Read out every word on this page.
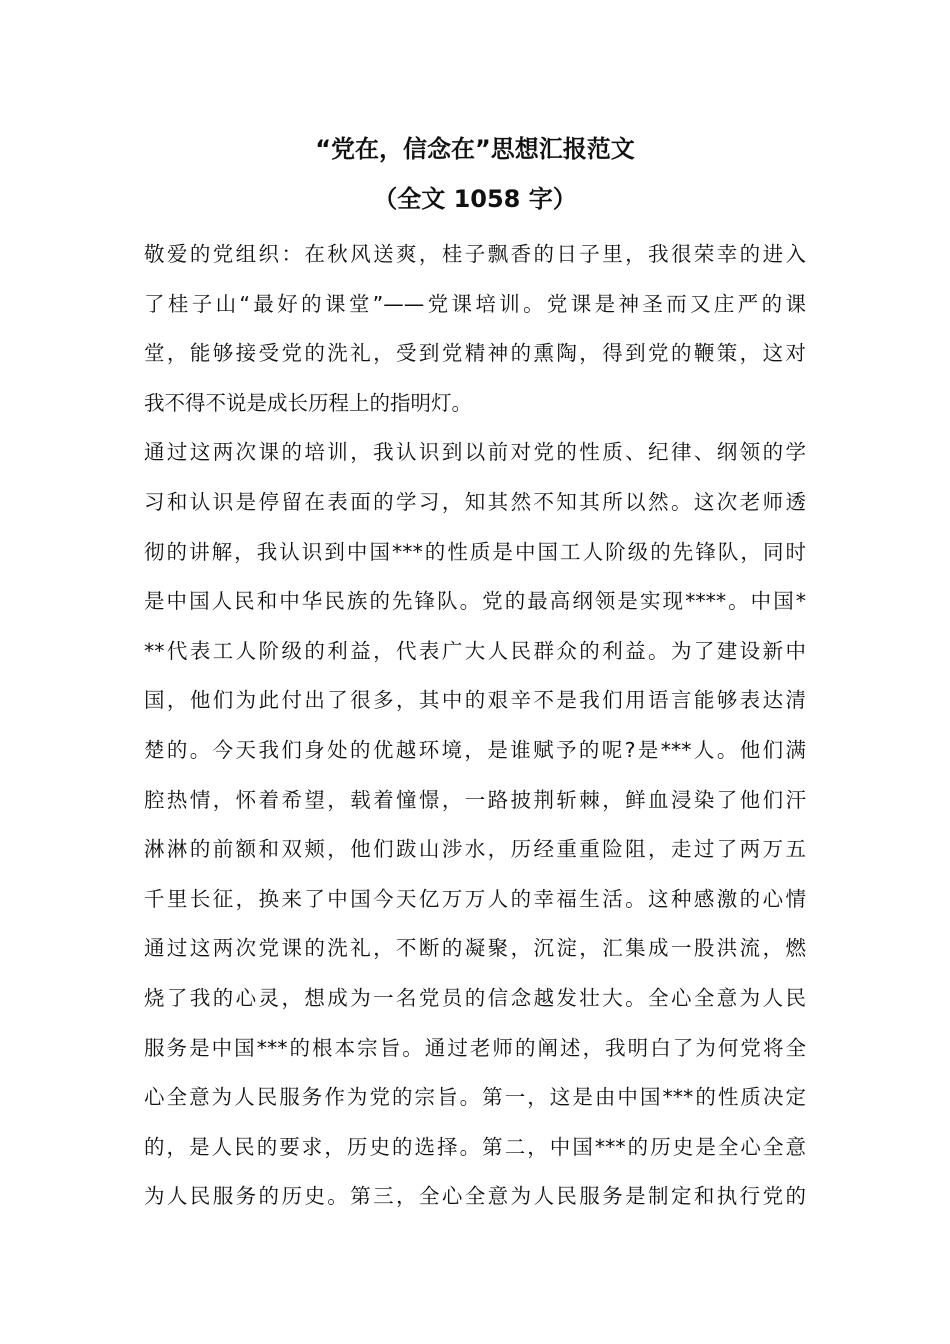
“党在，信念在”思想汇报范文
（全文 1058 字）
敬爱的党组织：在秋风送爽，桂子飘香的日子里，我很荣幸的进入
了桂子山“最好的课堂”——党课培训。党课是神圣而又庄严的课
堂，能够接受党的洗礼，受到党精神的熏陶，得到党的鞭策，这对
我不得不说是成长历程上的指明灯。
通过这两次课的培训，我认识到以前对党的性质、纪律、纲领的学
习和认识是停留在表面的学习，知其然不知其所以然。这次老师透
彻的讲解，我认识到中国***的性质是中国工人阶级的先锋队，同时
是中国人民和中华民族的先锋队。党的最高纲领是实现****。中国*
**代表工人阶级的利益，代表广大人民群众的利益。为了建设新中
国，他们为此付出了很多，其中的艰辛不是我们用语言能够表达清
楚的。今天我们身处的优越环境，是谁赋予的呢?是***人。他们满
腔热情，怀着希望，载着憧憬，一路披荆斩棘，鲜血浸染了他们汗
淋淋的前额和双颊，他们跋山涉水，历经重重险阻，走过了两万五
千里长征，换来了中国今天亿万万人的幸福生活。这种感激的心情
通过这两次党课的洗礼，不断的凝聚，沉淀，汇集成一股洪流，燃
烧了我的心灵，想成为一名党员的信念越发壮大。全心全意为人民
服务是中国***的根本宗旨。通过老师的阐述，我明白了为何党将全
心全意为人民服务作为党的宗旨。第一，这是由中国***的性质决定
的，是人民的要求，历史的选择。第二，中国***的历史是全心全意
为人民服务的历史。第三，全心全意为人民服务是制定和执行党的
